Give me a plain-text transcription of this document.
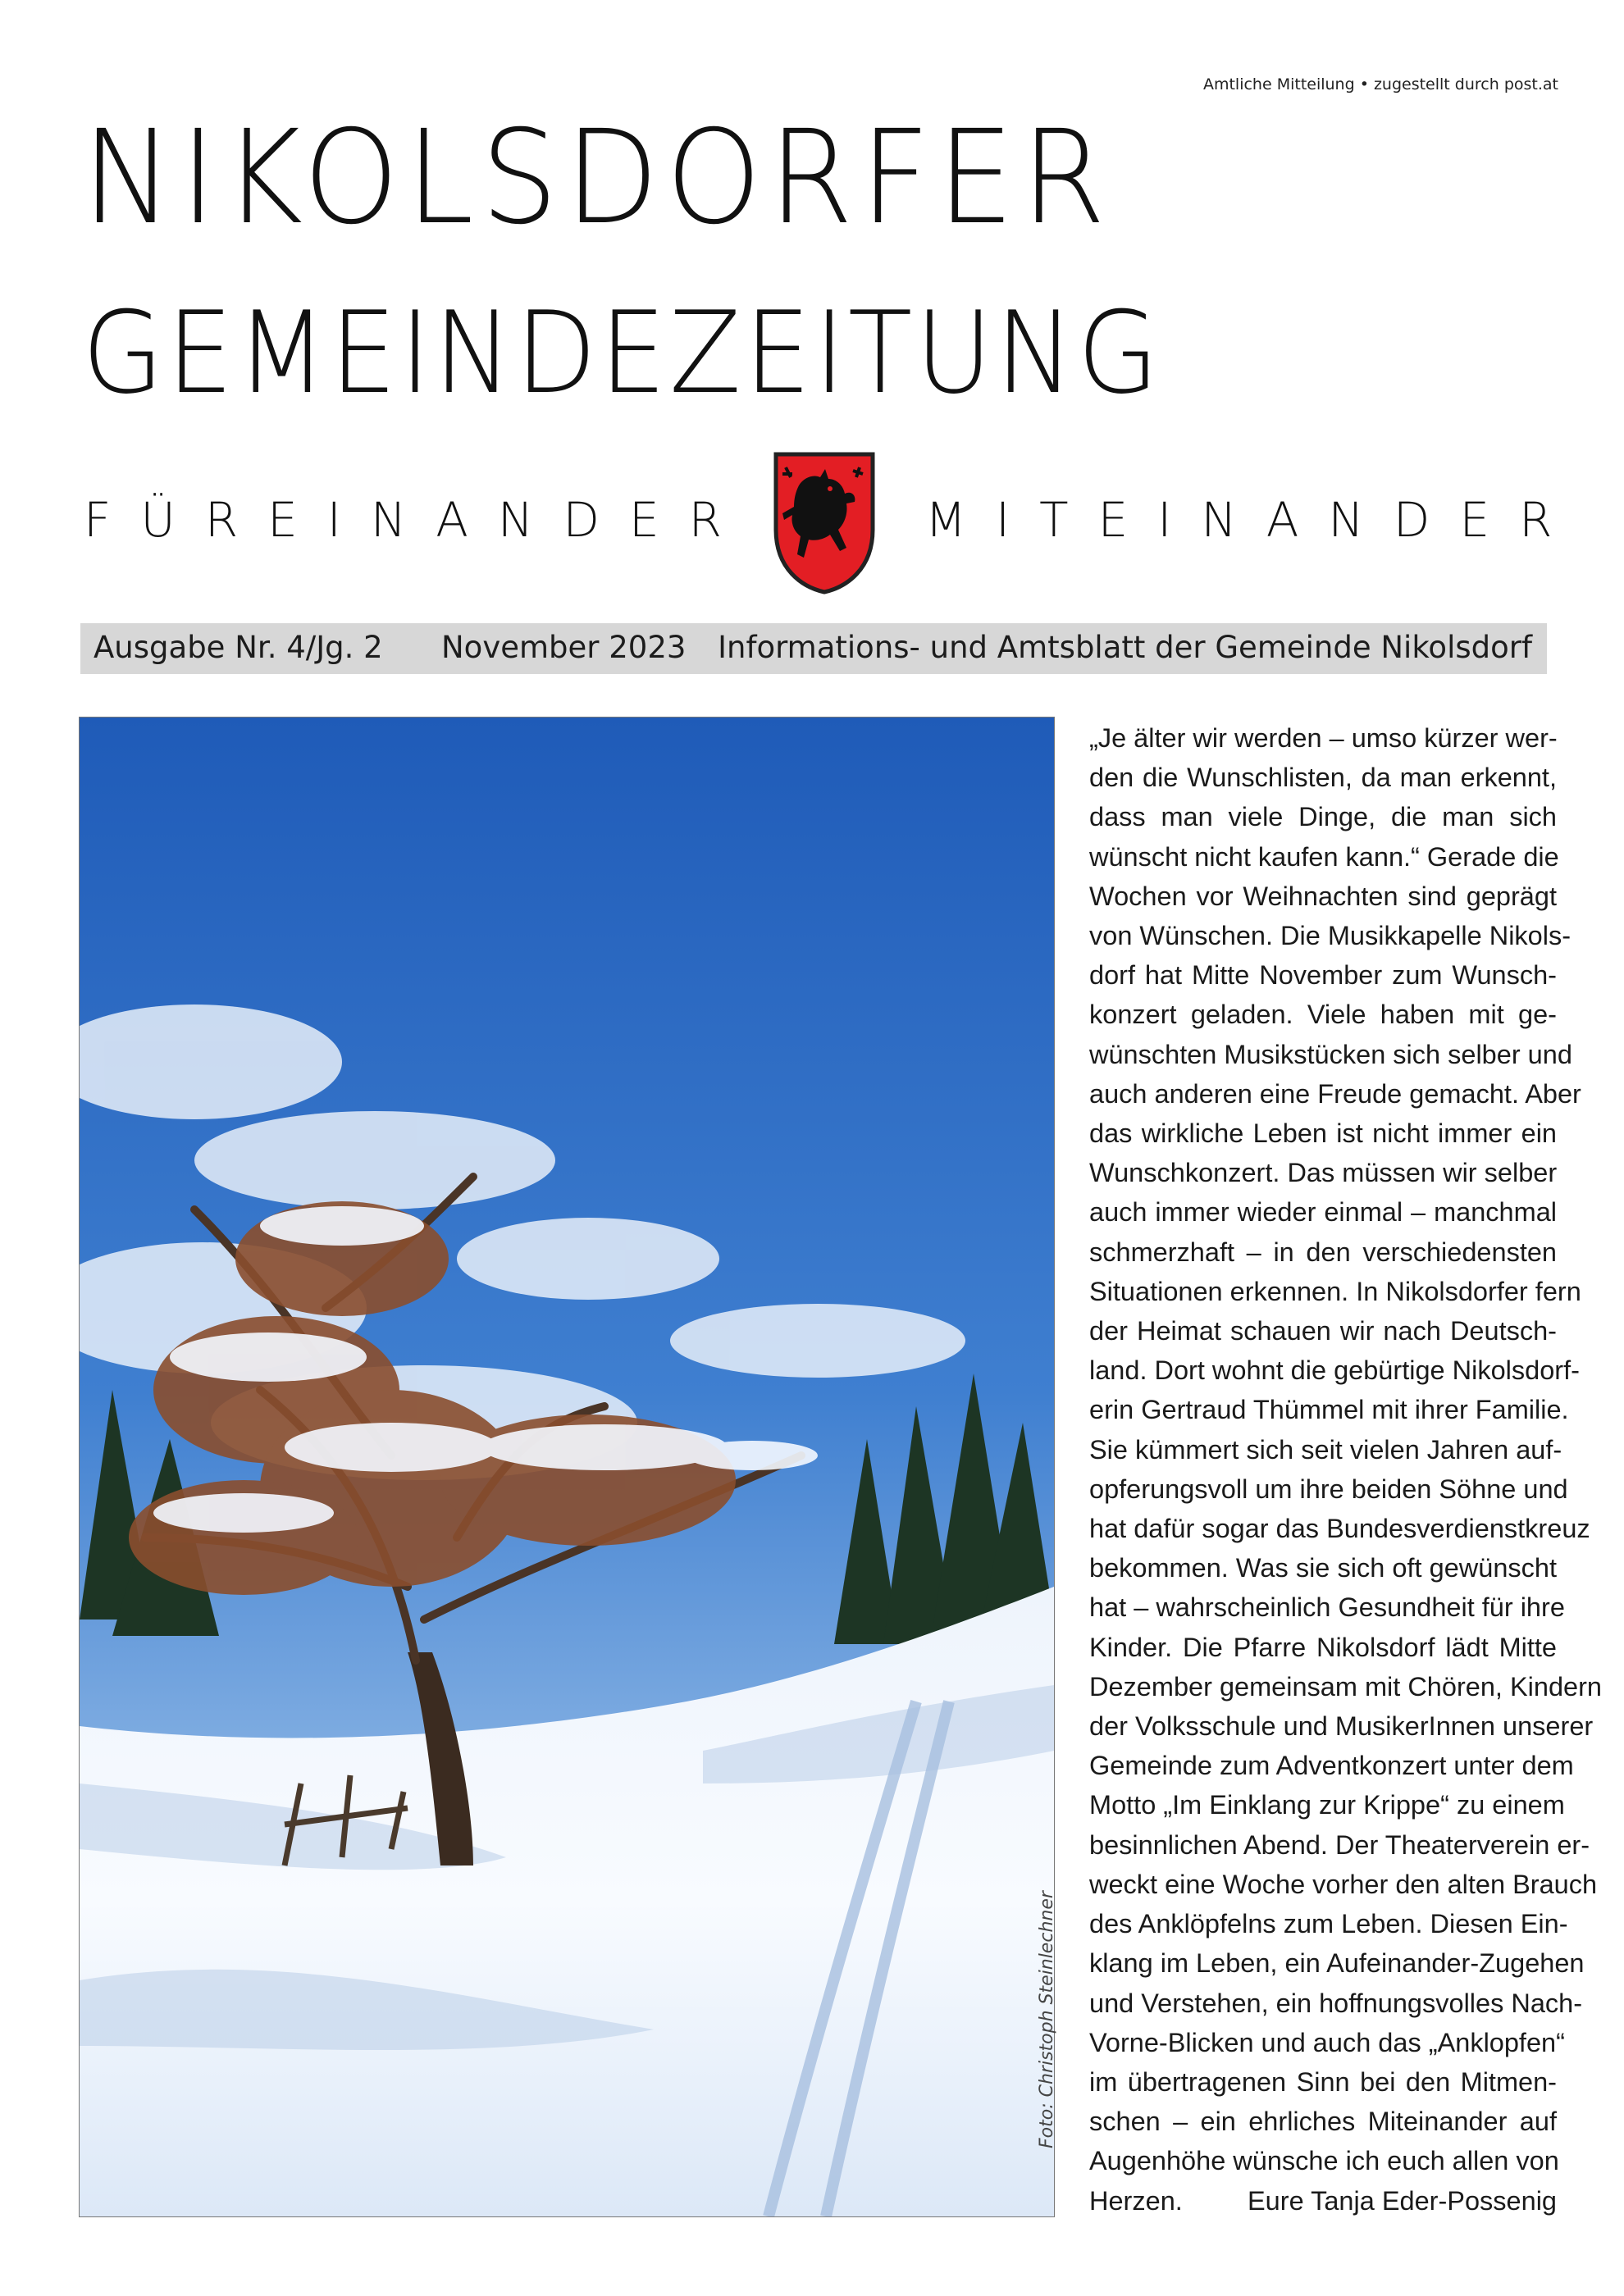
Amtliche Mitteilung • zugestellt durch post.at
NIKOLSDORFER
GEMEINDEZEITUNG
FÜREINANDER	MITEINANDER
Ausgabe Nr. 4/Jg. 2 November 2023 Informations- und Amtsblatt der Gemeinde Nikolsdorf
Foto: Christoph Steinlechner

„Je älter wir werden – umso kürzer wer-

den die Wunschlisten, da man erkennt,

dass man viele Dinge, die man sich

wünscht nicht kaufen kann.“ Gerade die

Wochen vor Weihnachten sind geprägt

von Wünschen. Die Musikkapelle Nikols-

dorf hat Mitte November zum Wunsch-

konzert geladen. Viele haben mit ge-

wünschten Musikstücken sich selber und

auch anderen eine Freude gemacht. Aber

das wirkliche Leben ist nicht immer ein

Wunschkonzert. Das müssen wir selber

auch immer wieder einmal – manchmal

schmerzhaft – in den verschiedensten

Situationen erkennen. In Nikolsdorfer fern

der Heimat schauen wir nach Deutsch-

land. Dort wohnt die gebürtige Nikolsdorf-

erin Gertraud Thümmel mit ihrer Familie.

Sie kümmert sich seit vielen Jahren auf-

opferungsvoll um ihre beiden Söhne und

hat dafür sogar das Bundesverdienstkreuz

bekommen. Was sie sich oft gewünscht

hat – wahrscheinlich Gesundheit für ihre

Kinder. Die Pfarre Nikolsdorf lädt Mitte

Dezember gemeinsam mit Chören, Kindern

der Volksschule und MusikerInnen unserer

Gemeinde zum Adventkonzert unter dem

Motto „Im Einklang zur Krippe“ zu einem

besinnlichen Abend. Der Theaterverein er-

weckt eine Woche vorher den alten Brauch

des Anklöpfelns zum Leben. Diesen Ein-

klang im Leben, ein Aufeinander-Zugehen

und Verstehen, ein hoffnungsvolles Nach-

Vorne-Blicken und auch das „Anklopfen“

im übertragenen Sinn bei den Mitmen-

schen – ein ehrliches Miteinander auf

Augenhöhe wünsche ich euch allen von

Herzen. Eure Tanja Eder-Possenig
